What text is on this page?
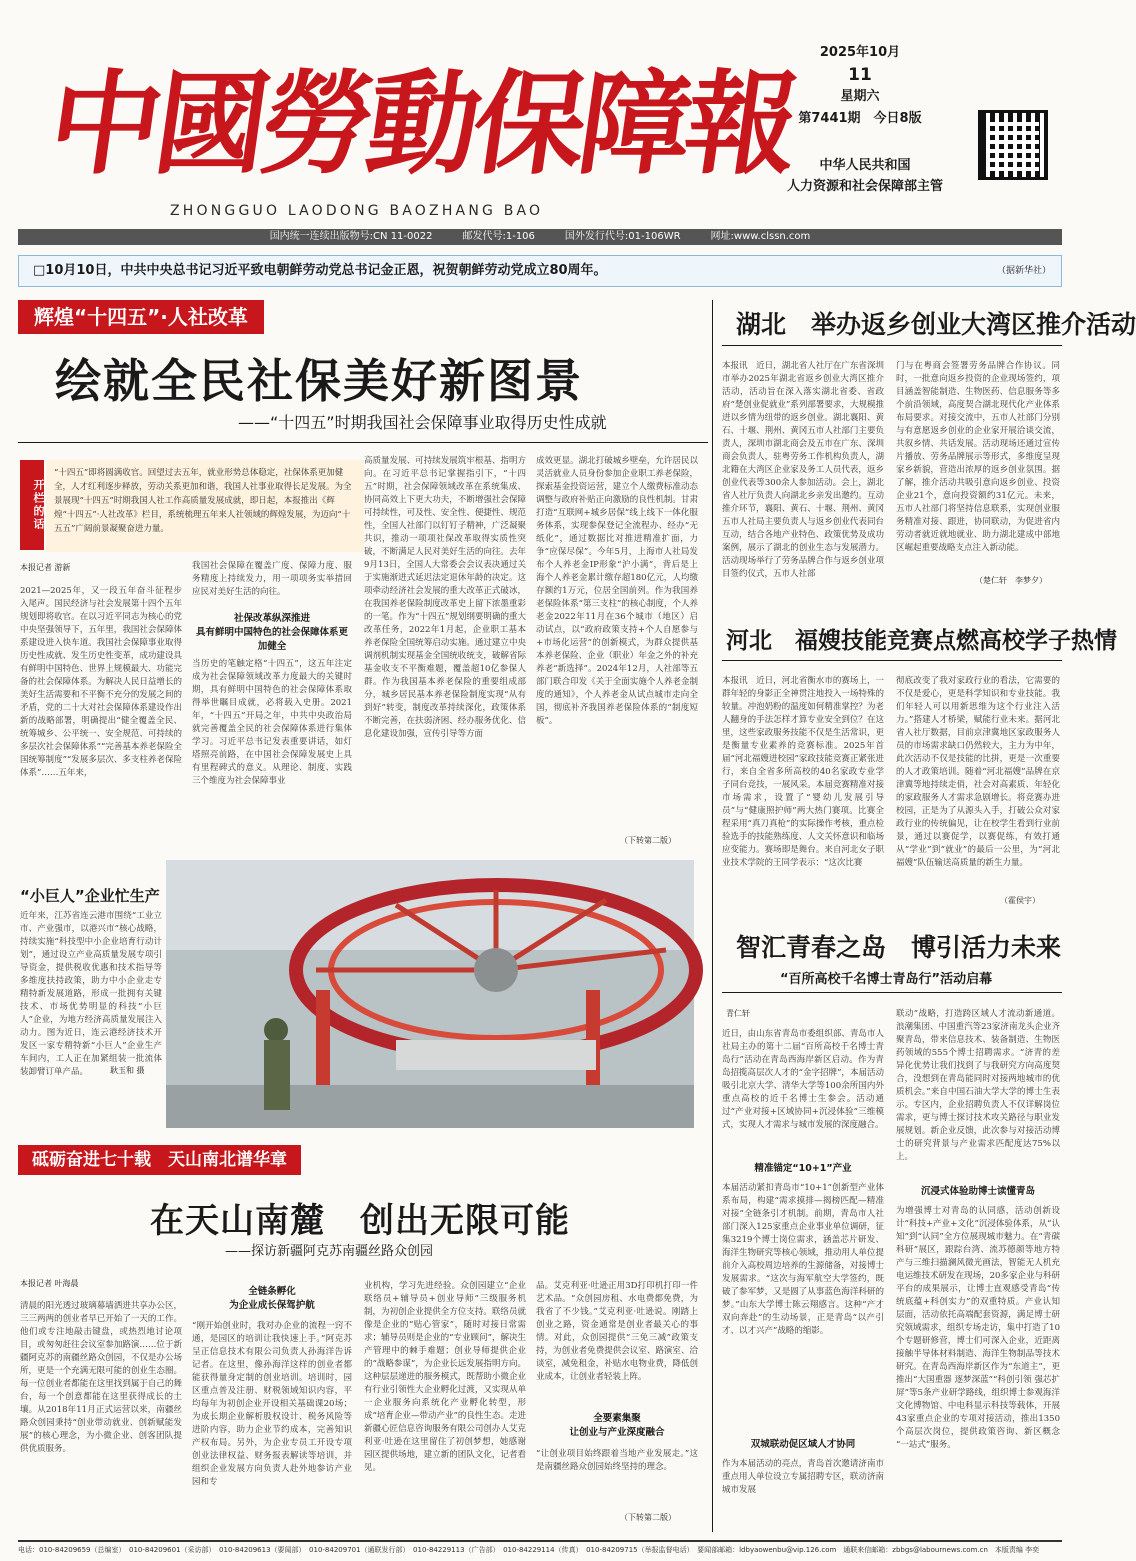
中國勞動保障報
ZHONGGUO LAODONG BAOZHANG BAO
2025年10月
11
星期六
第7441期　今日8版
中华人民共和国
人力资源和社会保障部主管
国内统一连续出版物号:CN 11-0022	邮发代号:1-106	国外发行代号:01-106WR	网址:www.clssn.com
□10月10日，中共中央总书记习近平致电朝鲜劳动党总书记金正恩，祝贺朝鲜劳动党成立80周年。	（据新华社）
辉煌“十四五”·人社改革
绘就全民社保美好新图景
——“十四五”时期我国社会保障事业取得历史性成就
开栏的话
“十四五”即将圆满收官。回望过去五年，就业形势总体稳定，社保体系更加健全，人才红利逐步释放，劳动关系更加和谐，我国人社事业取得长足发展。为全景展现“十四五”时期我国人社工作高质量发展成就，即日起，本报推出《辉煌“十四五”·人社改革》栏目，系统梳理五年来人社领域的辉煌发展，为迈向“十五五”广阔前景凝聚奋进力量。
本报记者 游新
2021—2025年，又一段五年奋斗征程步入尾声。国民经济与社会发展第十四个五年规划即将收官。在以习近平同志为核心的党中央坚强领导下，五年里，我国社会保障体系建设进入快车道。我国社会保障事业取得历史性成就、发生历史性变革，成功建设具有鲜明中国特色、世界上规模最大、功能完备的社会保障体系。为解决人民日益增长的美好生活需要和不平衡不充分的发展之间的矛盾，党的二十大对社会保障体系建设作出新的战略部署，明确提出“健全覆盖全民、统筹城乡、公平统一、安全规范、可持续的多层次社会保障体系”“完善基本养老保险全国统筹制度”“发展多层次、多支柱养老保险体系”……五年来，
我国社会保障在覆盖广度、保障力度、服务精度上持续发力，用一项项务实举措回应民对美好生活的向往。
社保改革纵深推进
具有鲜明中国特色的社会保障体系更加健全
当历史的笔触定格“十四五”，这五年注定成为社会保障领域改革力度最大的关键时期，具有鲜明中国特色的社会保障体系取得举世瞩目成就，必将载入史册。2021年，“十四五”开局之年，中共中央政治局就完善覆盖全民的社会保障体系进行集体学习。习近平总书记发表重要讲话，如灯塔照亮前路，在中国社会保障发展史上具有里程碑式的意义。从理论、制度、实践三个维度为社会保障事业
高质量发展、可持续发展筑牢根基、指明方向。在习近平总书记掌握指引下，“十四五”时期，社会保障领域改革在系统集成、协同高效上下更大功夫，不断增强社会保障可持续性，可及性、安全性、便捷性、规范性，全国人社部门以钉钉子精神，广泛凝聚共识，推动一项项社保改革取得实质性突破，不断满足人民对美好生活的向往。去年9月13日，全国人大常委会会议表决通过关于实施渐进式延迟法定退休年龄的决定。这项牵动经济社会发展的重大改革正式破冰，在我国养老保险制度改革史上留下浓墨重彩的一笔。作为“十四五”规划纲要明确的重大改革任务，2022年1月起，企业职工基本养老保险全国统筹启动实施。通过建立中央调剂机制实现基金全国统收统支，破解省际基金收支不平衡难题，覆盖超10亿参保人群。作为我国基本养老保险的重要组成部分，城乡居民基本养老保险制度实现“从有到好”转变，制度改革持续深化，政策体系不断完善，在扶弱济困、经办服务优化、信息化建设加强，宣传引导等方面
成效更显。湖北打破城乡壁垒，允许居民以灵活就业人员身份参加企业职工养老保险，探索基金投资运营，建立个人缴费标准动态调整与政府补贴正向激励的良性机制。甘肃打造“互联网+城乡居保”线上线下一体化服务体系，实现参保登记全流程办、经办“无纸化”，通过数据比对推进精准扩面，力争“应保尽保”。今年5月，上海市人社局发布个人养老金IP形象“沪小满”，背后是上海个人养老金累计缴存超180亿元，人均缴存额约1万元，位居全国前列。作为我国养老保险体系“第三支柱”的核心制度，个人养老金2022年11月在36个城市（地区）启动试点，以“政府政策支持+个人自愿参与+市场化运营”的创新模式，为群众提供基本养老保险、企业（职业）年金之外的补充养老“新选择”。2024年12月，人社部等五部门联合印发《关于全面实施个人养老金制度的通知》，个人养老金从试点城市走向全国，彻底补齐我国养老保险体系的“制度短板”。
（下转第二版）
“小巨人”企业忙生产
近年来，江苏省连云港市围绕“工业立市、产业强市，以港兴市”核心战略，持续实施“科技型中小企业培育行动计划”，通过设立产业高质量发展专项引导资金，提供税收优惠和技术指导等多维度扶持政策，助力中小企业走专精特新发展道路，形成一批拥有关键技术、市场优势明显的科技“小巨人”企业，为地方经济高质量发展注入动力。图为近日，连云港经济技术开发区一家专精特新“小巨人”企业生产车间内，工人正在加紧组装一批流体装卸臂订单产品。	耿玉和 摄
砥砺奋进七十载　天山南北谱华章
在天山南麓　创出无限可能
——探访新疆阿克苏南疆丝路众创园
本报记者 叶海晨
清晨的阳光透过玻璃幕墙洒进共享办公区，三三两两的创业者早已开始了一天的工作。他们或专注地敲击键盘，或热烈地讨论项目，或匆匆赶往会议室参加路演……位于新疆阿克苏的南疆丝路众创园，不仅是办公场所，更是一个充满无限可能的创业生态圈。每一位创业者都能在这里找到属于自己的舞台，每一个创意都能在这里获得成长的土壤。从2018年11月正式运营以来，南疆丝路众创园秉持“创业带动就业、创新赋能发展”的核心理念，为小微企业、创客团队提供优质服务。
全链条孵化
为企业成长保驾护航
“刚开始创业时，我对办企业的流程一窍不通，是园区的培训让我快速上手。”阿克苏呈正信息技术有限公司负责人孙海洋告诉记者。在这里，像孙海洋这样的创业者都能获得量身定制的创业培训。培训时，园区重点普及注册、财税领域知识内容，平均每年为初创企业开设相关基础课20场；为成长期企业解析股权设计、税务风险等进阶内容，助力企业节约成本，完善知识产权布局。另外，为企业专员工开设专项创业法律权益、财务报表解读等培训，并组织企业发展方向负责人赴外地参访产业园和专
业机构，学习先进经验。众创园建立“企业联络员+辅导员+创业导师”三级服务机制，为初创企业提供全方位支持。联络员就像是企业的“贴心管家”，随时对接日常需求；辅导员则是企业的“专业顾问”，解决生产管理中的棘手难题；创业导师提供企业的“战略参谋”，为企业长远发展指明方向。这种层层递进的服务模式，既帮助小微企业有行业引领性大企业孵化过渡，又实现从单一企业服务向系统化产业孵化转型，形成“培育企业—带动产业”的良性生态。走进新疆心匠信息咨询服务有限公司创办人艾克利亚·吐逊在这里留住了初创梦想，她感谢园区提供场地，建立新的团队文化，记者看见。
品。艾克利亚·吐逊正用3D打印机打印一件艺术品。“众创园房租、水电费都免费，为我省了不少钱。”艾克利亚·吐逊说。刚踏上创业之路，资金通常是创业者最关心的事情。对此，众创园提供“三免三减”政策支持，为创业者免费提供会议室、路演室、洽谈室，减免租金，补贴水电物业费，降低创业成本，让创业者轻装上阵。
全要素集聚
让创业与产业深度融合
“让创业项目始终跟着当地产业发展走。”这是南疆丝路众创园始终坚持的理念。
（下转第二版）
湖北　举办返乡创业大湾区推介活动
本报讯　近日，湖北省人社厅在广东省深圳市举办2025年湖北省返乡创业大湾区推介活动，活动旨在深入落实湖北省委、省政府“楚创业促就业”系列部署要求，大规模推进以乡情为纽带的返乡创业。湖北襄阳、黄石、十堰、荆州、黄冈五市人社部门主要负责人，深圳市湖北商会及五市在广东、深圳商会负责人，驻粤劳务工作机构负责人，湖北籍在大湾区企业家及务工人员代表，返乡创业代表等300余人参加活动。会上，湖北省人社厅负责人向湖北乡亲发出邀约。互动推介环节，襄阳、黄石、十堰、荆州、黄冈五市人社局主要负责人与返乡创业代表同台互动，结合各地产业特色、政策优势及成功案例，展示了湖北的创业生态与发展潜力。活动现场举行了劳务品牌合作与返乡创业项目签约仪式，五市人社部
门与在粤商会签署劳务品牌合作协议。同时，一批意向返乡投资的企业现场签约，项目涵盖智能制造、生物医药、信息服务等多个前沿领域，高度契合湖北现代化产业体系布局要求。对接交流中，五市人社部门分别与有意愿返乡创业的企业家开展洽谈交流，共叙乡情、共话发展。活动现场还通过宣传片播放、劳务品牌展示等形式，多维度呈现家乡新貌，营造出浓厚的返乡创业氛围。据了解，推介活动共吸引意向返乡创业、投资企业21个，意向投资额约31亿元。未来，五市人社部门将坚持信息联系，实现创业服务精准对接、跟进，协同联动，为促进省内劳动者就近就地就业、助力湖北建成中部地区崛起重要战略支点注入新动能。
（楚仁轩　李梦夕）
河北　福嫂技能竞赛点燃高校学子热情
本报讯　近日，河北省衡水市的赛场上，一群年轻的身影正全神贯注地投入一场特殊的较量。冲泡奶粉的温度如何精准掌控？为老人翻身的手法怎样才算专业安全到位？在这里，这些家政服务技能不仅是生活常识，更是衡量专业素养的竞赛标准。2025年首届“河北福嫂进校园”家政技能竞赛正紧张进行，来自全省多所高校的40名家政专业学子同台竞技，一展风采。本届竞赛精准对接市场需求，设置了“婴幼儿发展引导员”与“健康照护师”两大热门赛项。比赛全程采用“真刀真枪”的实际操作考核，重点检验选手的技能熟练度、人文关怀意识和临场应变能力。赛场即是舞台。来自河北女子职业技术学院的王同学表示：“这次比赛
彻底改变了我对家政行业的看法，它需要的不仅是爱心，更是科学知识和专业技能。我们年轻人可以用新思维为这个行业注入活力。”搭建人才桥梁，赋能行业未来。据河北省人社厅数据，目前京津冀地区家政服务人员的市场需求缺口仍然较大，主力为中年，此次活动不仅是技能的比拼，更是一次重要的人才政策培训。随着“河北福嫂”品牌在京津冀等地持续走俏，社会对高素质、年轻化的家政服务人才需求急剧增长。将竞赛办进校园，正是为了从源头入手，打破公众对家政行业的传统偏见，让在校学生看到行业前景，通过以赛促学，以赛促练，有效打通从“学业”到“就业”的最后一公里，为“河北福嫂”队伍输送高质量的新生力量。
（霍侯宇）
智汇青春之岛　博引活力未来
“百所高校千名博士青岛行”活动启幕
青仁轩
近日，由山东省青岛市委组织部、青岛市人社局主办的第十二届“百所高校千名博士青岛行”活动在青岛西海岸新区启动。作为青岛招揽高层次人才的“金字招牌”，本届活动吸引北京大学、清华大学等100余所国内外重点高校的近千名博士生参会。活动通过“产业对接+区域协同+沉浸体验”三维模式，实现人才需求与城市发展的深度融合。
精准锚定“10+1”产业
本届活动紧扣青岛市“10+1”创新型产业体系布局，构建“需求摸排—揭榜匹配—精准对接”全链条引才机制。前期，青岛市人社部门深入125家重点企业事业单位调研，征集3219个博士岗位需求，涵盖芯片研发、海洋生物研究等核心领域，推动用人单位提前介入高校周边培养的生源储备，对接博士发展需求。“这次与海军航空大学签约，既破了参军梦，又是圆了从事蓝色海洋科研的梦。”山东大学博士陈云翔感言。这种“产才双向奔赴”的生动场景，正是青岛“以产引才、以才兴产”战略的缩影。
双城联动促区域人才协同
作为本届活动的亮点，青岛首次邀请济南市重点用人单位设立专属招聘专区，联动济南城市发展
联动”战略，打造跨区域人才流动新通道。浪潮集团、中国重汽等23家济南龙头企业齐聚青岛，带来信息技术、装备制造、生物医药领域的555个博士招聘需求。“济青的差异化优势让我们找到了与我研究方向高度契合，没想到在青岛能同时对接两地城市的优质机会。”来自中国石油大学大学的博士生表示。专区内，企业招聘负责人不仅详解岗位需求，更与博士探讨技术攻关路径与职业发展规划。新企业反馈，此次参与对接活动博士的研究背景与产业需求匹配度达75%以上。
沉浸式体验助博士读懂青岛
为增强博士对青岛的认同感，活动创新设计“科技+产业+文化”沉浸体验体系，从“认知”到“认同”全方位展现城市魅力。在“青碳科研”展区，跟踪台湾、流苏德颜等地方特产与三维扫描澜风微光画法，智能无人机充电运维技术研发在现场，20多家企业与科研平台的成果展示，让博士直观感受青岛“传统底蕴+科创实力”的双重特质。产业认知层面，活动依托高端配套资源，满足博士研究领域需求，组织专场走访，集中打造了10个专题研修营，博士们可深入企业，近距离接触半导体材料制造、海洋生物制品等技术研究。在青岛西海岸新区作为“东道主”，更推出“大国重器 逐梦深蓝”“科创引领 强芯扩屏”等5条产业研学路线，组织博士参观海洋文化博物馆、中电科显示科技等载体，开展43家重点企业的专项对接活动，推出1350个高层次岗位，提供政策咨询、新区概念 “一站式”服务。
电话：010-84209659（总编室）　010-84209601（采访部）　010-84209613（要闻部）　010-84209701（通联发行部）　010-84229113（广告部）　010-84229114（传真）　010-84209715（举报监督电话）　要闻部邮箱：ldbyaowenbu@vip.126.com　通联来信邮箱：zbbgs@labournews.com.cn　本版责编 李奕
